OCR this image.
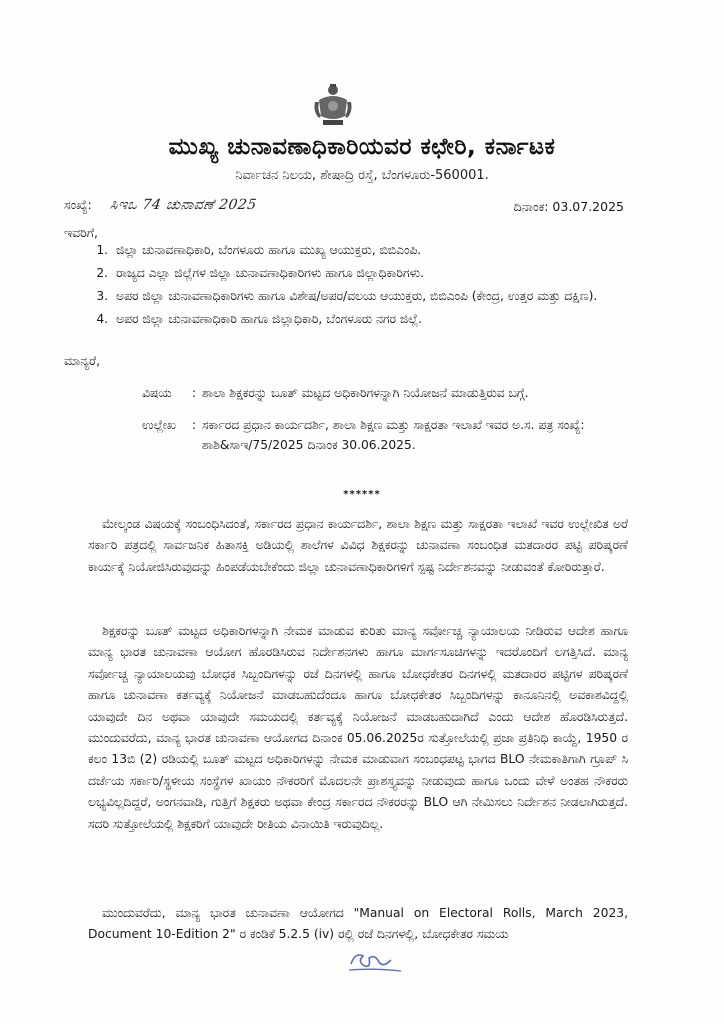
ಮುಖ್ಯ ಚುನಾವಣಾಧಿಕಾರಿಯವರ ಕಛೇರಿ, ಕರ್ನಾಟಕ
ನಿರ್ವಾಚನ ನಿಲಯ, ಶೇಷಾದ್ರಿ ರಸ್ತೆ, ಬೆಂಗಳೂರು-560001.
ಸಂಖ್ಯೆ: ಸಿಇಒ 74 ಚುನಾವಣೆ 2025	ದಿನಾಂಕ: 03.07.2025
ಇವರಿಗೆ,
1. ಜಿಲ್ಲಾ ಚುನಾವಣಾಧಿಕಾರಿ, ಬೆಂಗಳೂರು ಹಾಗೂ ಮುಖ್ಯ ಆಯುಕ್ತರು, ಬಿಬಿಎಂಪಿ.
2. ರಾಜ್ಯದ ಎಲ್ಲಾ ಜಿಲ್ಲೆಗಳ ಜಿಲ್ಲಾ ಚುನಾವಣಾಧಿಕಾರಿಗಳು ಹಾಗೂ ಜಿಲ್ಲಾಧಿಕಾರಿಗಳು.
3. ಅಪರ ಜಿಲ್ಲಾ ಚುನಾವಣಾಧಿಕಾರಿಗಳು ಹಾಗೂ ವಿಶೇಷ/ಅಪರ/ವಲಯ ಆಯುಕ್ತರು, ಬಿಬಿಎಂಪಿ (ಕೇಂದ್ರ, ಉತ್ತರ ಮತ್ತು ದಕ್ಷಿಣ).
4. ಅಪರ ಜಿಲ್ಲಾ ಚುನಾವಣಾಧಿಕಾರಿ ಹಾಗೂ ಜಿಲ್ಲಾಧಿಕಾರಿ, ಬೆಂಗಳೂರು ನಗರ ಜಿಲ್ಲೆ.
ಮಾನ್ಯರೆ,
ವಿಷಯ	: ಶಾಲಾ ಶಿಕ್ಷಕರನ್ನು ಬೂತ್ ಮಟ್ಟದ ಅಧಿಕಾರಿಗಳನ್ನಾಗಿ ನಿಯೋಜನೆ ಮಾಡುತ್ತಿರುವ ಬಗ್ಗೆ.
ಉಲ್ಲೇಖ	: ಸರ್ಕಾರದ ಪ್ರಧಾನ ಕಾರ್ಯದರ್ಶಿ, ಶಾಲಾ ಶಿಕ್ಷಣ ಮತ್ತು ಸಾಕ್ಷರತಾ ಇಲಾಖೆ ಇವರ ಅ.ಸ. ಪತ್ರ ಸಂಖ್ಯೆ: ಶಾಶಿ&ಸಾಇ/75/2025 ದಿನಾಂಕ 30.06.2025.
******
ಮೇಲ್ಕಂಡ ವಿಷಯಕ್ಕೆ ಸಂಬಂಧಿಸಿದಂತೆ, ಸರ್ಕಾರದ ಪ್ರಧಾನ ಕಾರ್ಯದರ್ಶಿ, ಶಾಲಾ ಶಿಕ್ಷಣ ಮತ್ತು ಸಾಕ್ಷರತಾ ಇಲಾಖೆ ಇವರ ಉಲ್ಲೇಖಿತ ಅರೆ ಸರ್ಕಾರಿ ಪತ್ರದಲ್ಲಿ ಸಾರ್ವಜನಿಕ ಹಿತಾಸಕ್ತಿ ಅಡಿಯಲ್ಲಿ ಶಾಲೆಗಳ ವಿವಿಧ ಶಿಕ್ಷಕರನ್ನು ಚುನಾವಣಾ ಸಂಬಂಧಿತ ಮತದಾರರ ಪಟ್ಟಿ ಪರಿಷ್ಕರಣೆ ಕಾರ್ಯಕ್ಕೆ ನಿಯೋಜಿಸಿರುವುದನ್ನು ಹಿಂಪಡೆಯಬೇಕೆಂದು ಜಿಲ್ಲಾ ಚುನಾವಣಾಧಿಕಾರಿಗಳಿಗೆ ಸ್ಪಷ್ಟ ನಿರ್ದೇಶನವನ್ನು ನೀಡುವಂತೆ ಕೋರಿರುತ್ತಾರೆ.
ಶಿಕ್ಷಕರನ್ನು ಬೂತ್ ಮಟ್ಟದ ಅಧಿಕಾರಿಗಳನ್ನಾಗಿ ನೇಮಕ ಮಾಡುವ ಕುರಿತು ಮಾನ್ಯ ಸರ್ವೋಚ್ಚ ನ್ಯಾಯಾಲಯ ನೀಡಿರುವ ಆದೇಶ ಹಾಗೂ ಮಾನ್ಯ ಭಾರತ ಚುನಾವಣಾ ಆಯೋಗ ಹೊರಡಿಸಿರುವ ನಿರ್ದೇಶನಗಳು ಹಾಗೂ ಮಾರ್ಗಸೂಚಿಗಳನ್ನು ಇದರೊಂದಿಗೆ ಲಗತ್ತಿಸಿದೆ. ಮಾನ್ಯ ಸರ್ವೋಚ್ಚ ನ್ಯಾಯಾಲಯವು ಬೋಧಕ ಸಿಬ್ಬಂದಿಗಳನ್ನು ರಜೆ ದಿನಗಳಲ್ಲಿ ಹಾಗೂ ಬೋಧಕೇತರ ದಿನಗಳಲ್ಲಿ ಮತದಾರರ ಪಟ್ಟಿಗಳ ಪರಿಷ್ಕರಣೆ ಹಾಗೂ ಚುನಾವಣಾ ಕರ್ತವ್ಯಕ್ಕೆ ನಿಯೋಜನೆ ಮಾಡಬಹುದೆಂದೂ ಹಾಗೂ ಬೋಧಕೇತರ ಸಿಬ್ಬಂದಿಗಳನ್ನು ಕಾನೂನಿನಲ್ಲಿ ಅವಕಾಶವಿದ್ದಲ್ಲಿ ಯಾವುದೇ ದಿನ ಅಥವಾ ಯಾವುದೇ ಸಮಯದಲ್ಲಿ ಕರ್ತವ್ಯಕ್ಕೆ ನಿಯೋಜನೆ ಮಾಡಬಹುದಾಗಿದೆ ಎಂದು ಆದೇಶ ಹೊರಡಿಸಿರುತ್ತದೆ. ಮುಂದುವರೆದು, ಮಾನ್ಯ ಭಾರತ ಚುನಾವಣಾ ಆಯೋಗದ ದಿನಾಂಕ 05.06.2025ರ ಸುತ್ತೋಲೆಯಲ್ಲಿ ಪ್ರಜಾ ಪ್ರತಿನಿಧಿ ಕಾಯ್ದೆ, 1950 ರ ಕಲಂ 13ಬಿ (2) ರಡಿಯಲ್ಲಿ ಬೂತ್ ಮಟ್ಟದ ಅಧಿಕಾರಿಗಳನ್ನು ನೇಮಕ ಮಾಡುವಾಗ ಸಂಬಂಧಪಟ್ಟ ಭಾಗದ BLO ನೇಮಕಾತಿಗಾಗಿ ಗ್ರೂಪ್ ಸಿ ದರ್ಜೆಯ ಸರ್ಕಾರಿ/ಸ್ಥಳೀಯ ಸಂಸ್ಥೆಗಳ ಖಾಯಂ ನೌಕರರಿಗೆ ಮೊದಲನೇ ಪ್ರಾಶಸ್ತ್ಯವನ್ನು ನೀಡುವುದು ಹಾಗೂ ಒಂದು ವೇಳೆ ಅಂತಹ ನೌಕರರು ಲಭ್ಯವಿಲ್ಲದಿದ್ದರೆ, ಅಂಗನವಾಡಿ, ಗುತ್ತಿಗೆ ಶಿಕ್ಷಕರು ಅಥವಾ ಕೇಂದ್ರ ಸರ್ಕಾರದ ನೌಕರರನ್ನು BLO ಆಗಿ ನೇಮಿಸಲು ನಿರ್ದೇಶನ ನೀಡಲಾಗಿರುತ್ತದೆ. ಸದರಿ ಸುತ್ತೋಲೆಯಲ್ಲಿ ಶಿಕ್ಷಕರಿಗೆ ಯಾವುದೇ ರೀತಿಯ ವಿನಾಯಿತಿ ಇರುವುದಿಲ್ಲ.
ಮುಂದುವರೆದು, ಮಾನ್ಯ ಭಾರತ ಚುನಾವಣಾ ಆಯೋಗದ "Manual on Electoral Rolls, March 2023, Document 10-Edition 2" ರ ಕಂಡಿಕೆ 5.2.5 (iv) ರಲ್ಲಿ ರಜೆ ದಿನಗಳಲ್ಲಿ, ಬೋಧಕೇತರ ಸಮಯ
